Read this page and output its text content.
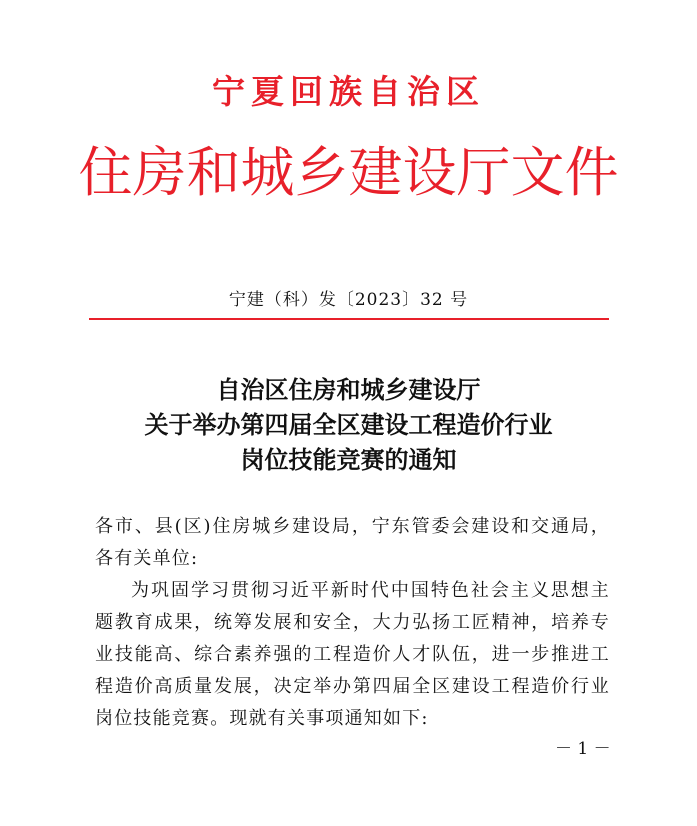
宁夏回族自治区
住房和城乡建设厅文件
宁建（科）发〔2023〕32 号
自治区住房和城乡建设厅
关于举办第四届全区建设工程造价行业
岗位技能竞赛的通知

各市、县(区)住房城乡建设局，宁东管委会建设和交通局，各有关单位:

为巩固学习贯彻习近平新时代中国特色社会主义思想主题教育成果，统筹发展和安全，大力弘扬工匠精神，培养专业技能高、综合素养强的工程造价人才队伍，进一步推进工程造价高质量发展，决定举办第四届全区建设工程造价行业岗位技能竞赛。现就有关事项通知如下:

－ 1 －
